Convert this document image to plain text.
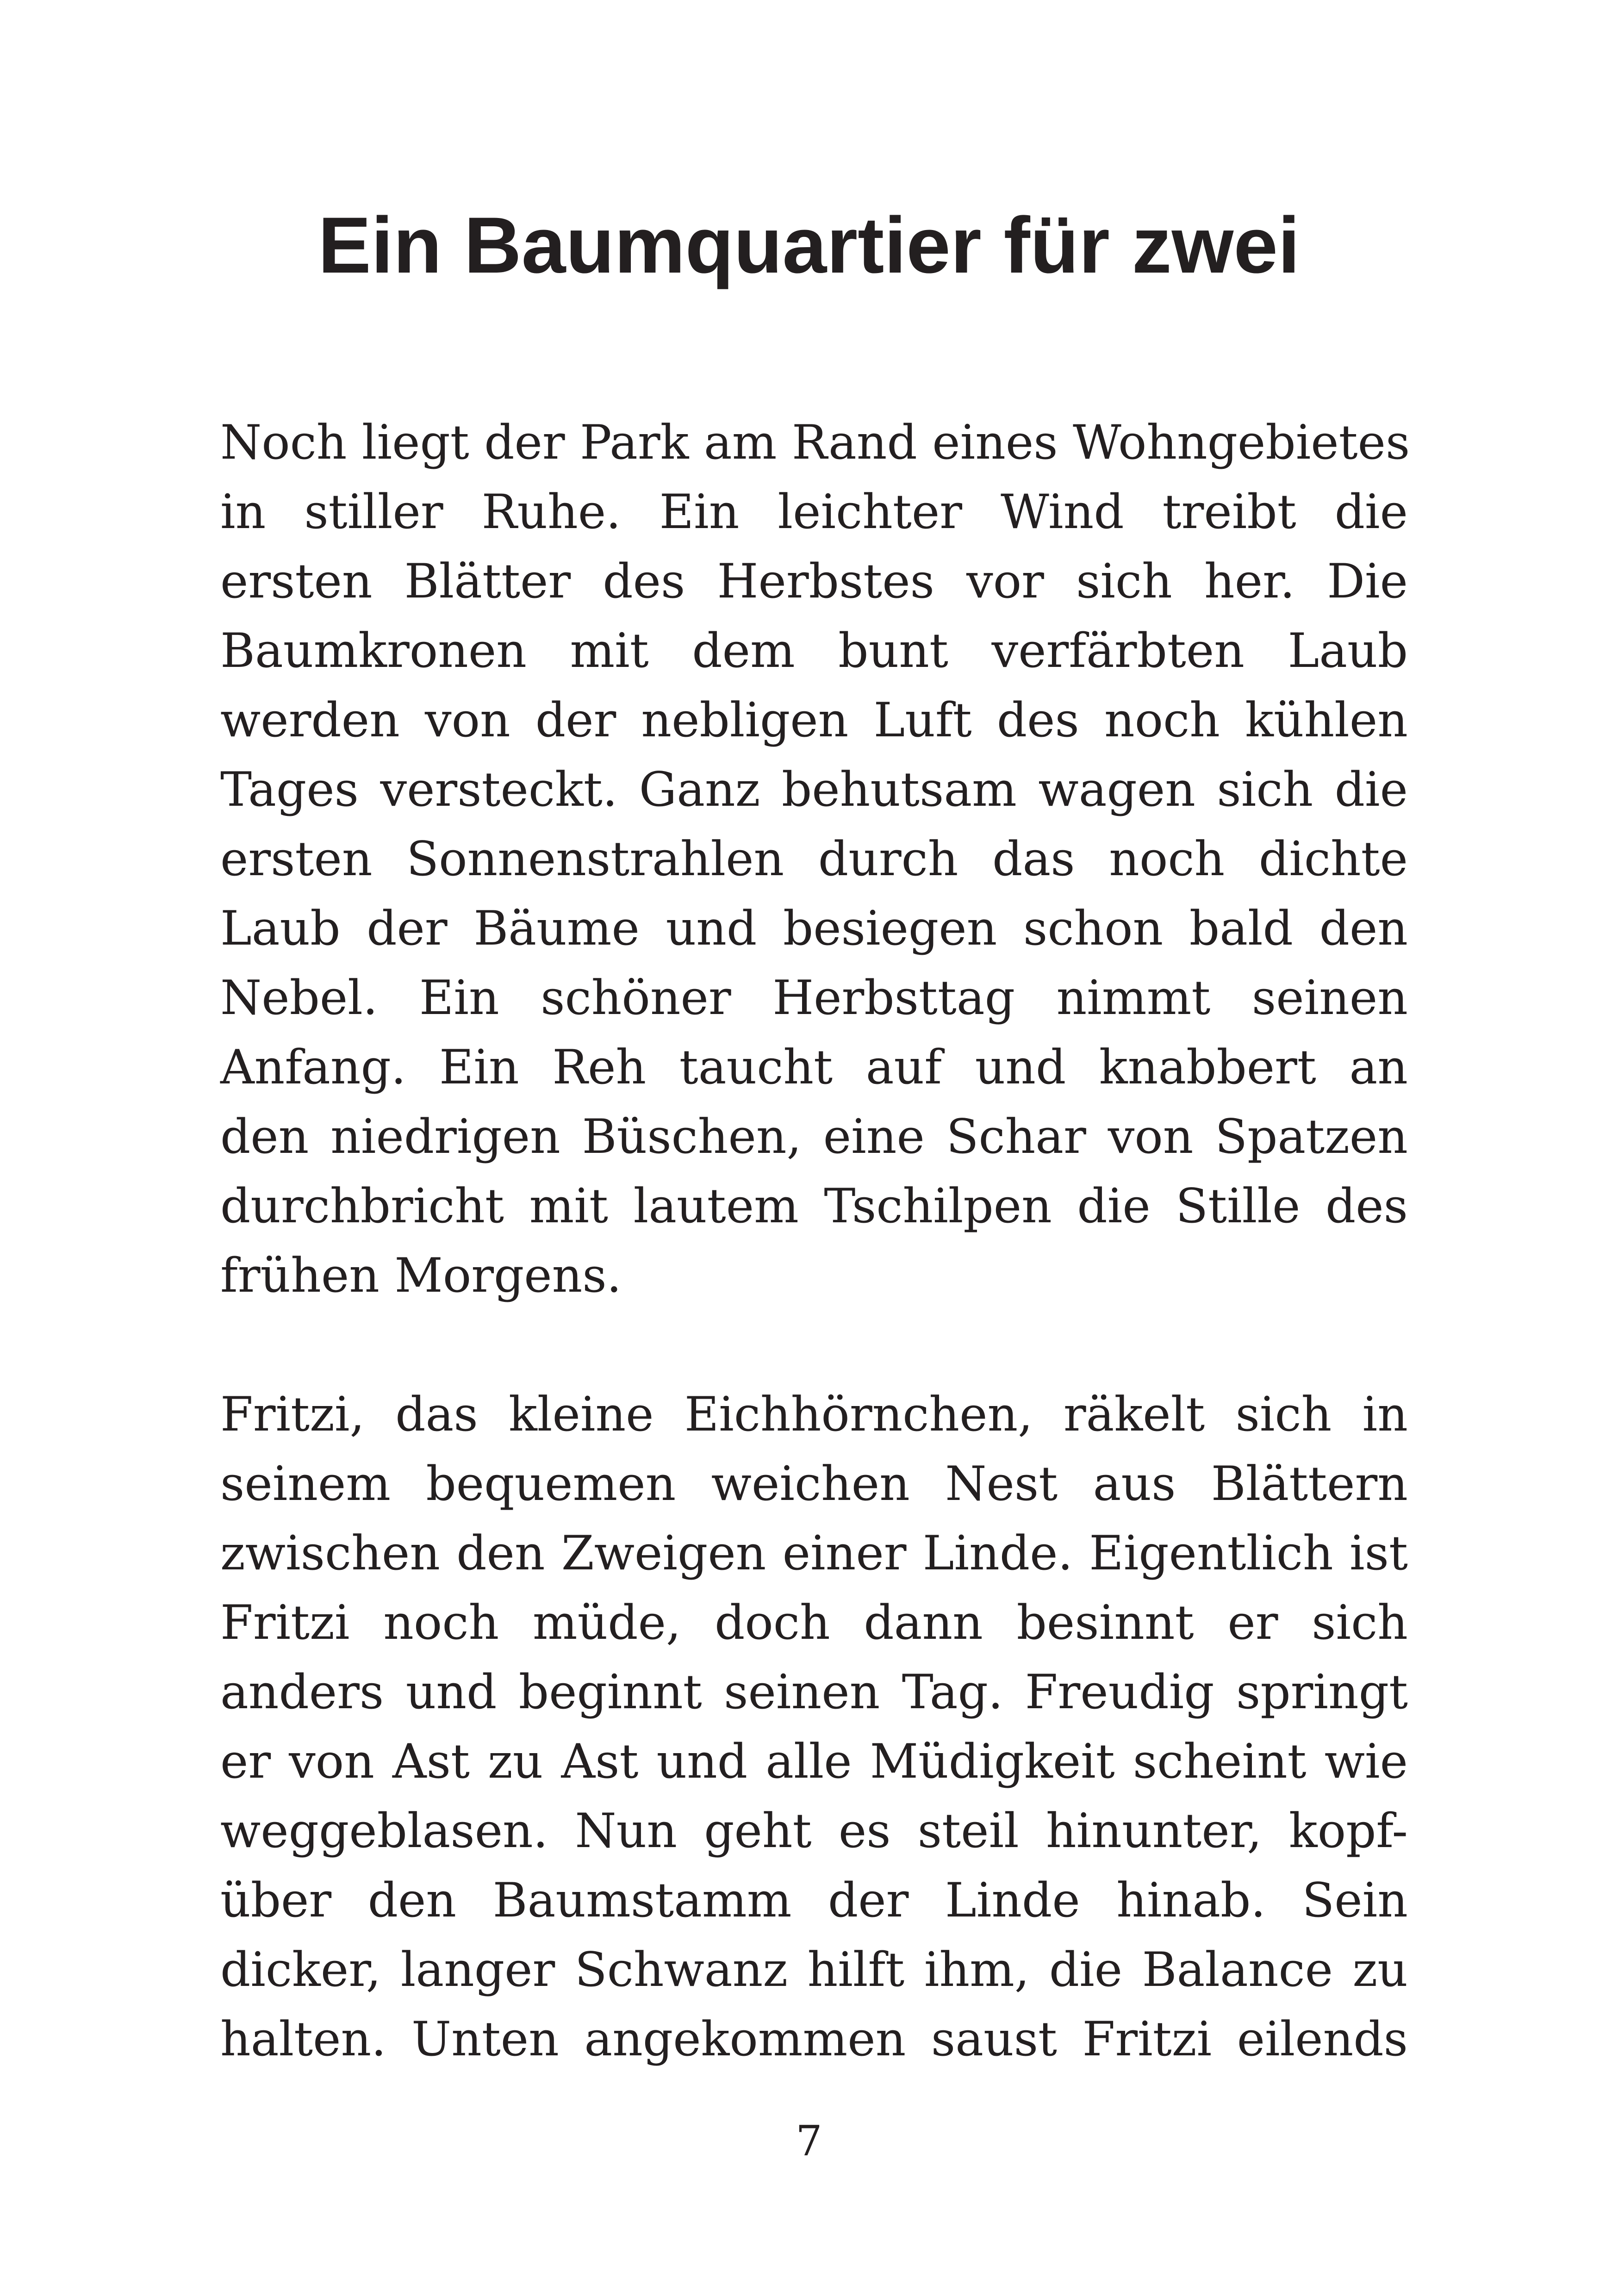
Ein Baumquartier für zwei
Noch liegt der Park am Rand eines Wohngebietes
in stiller Ruhe. Ein leichter Wind treibt die
ersten Blätter des Herbstes vor sich her. Die
Baumkronen mit dem bunt verfärbten Laub
werden von der nebligen Luft des noch kühlen
Tages versteckt. Ganz behutsam wagen sich die
ersten Sonnenstrahlen durch das noch dichte
Laub der Bäume und besiegen schon bald den
Nebel. Ein schöner Herbsttag nimmt seinen
Anfang. Ein Reh taucht auf und knabbert an
den niedrigen Büschen, eine Schar von Spatzen
durchbricht mit lautem Tschilpen die Stille des
frühen Morgens.
Fritzi, das kleine Eichhörnchen, räkelt sich in
seinem bequemen weichen Nest aus Blättern
zwischen den Zweigen einer Linde. Eigentlich ist
Fritzi noch müde, doch dann besinnt er sich
anders und beginnt seinen Tag. Freudig springt
er von Ast zu Ast und alle Müdigkeit scheint wie
weggeblasen. Nun geht es steil hinunter, kopf-
über den Baumstamm der Linde hinab. Sein
dicker, langer Schwanz hilft ihm, die Balance zu
halten. Unten angekommen saust Fritzi eilends
7
